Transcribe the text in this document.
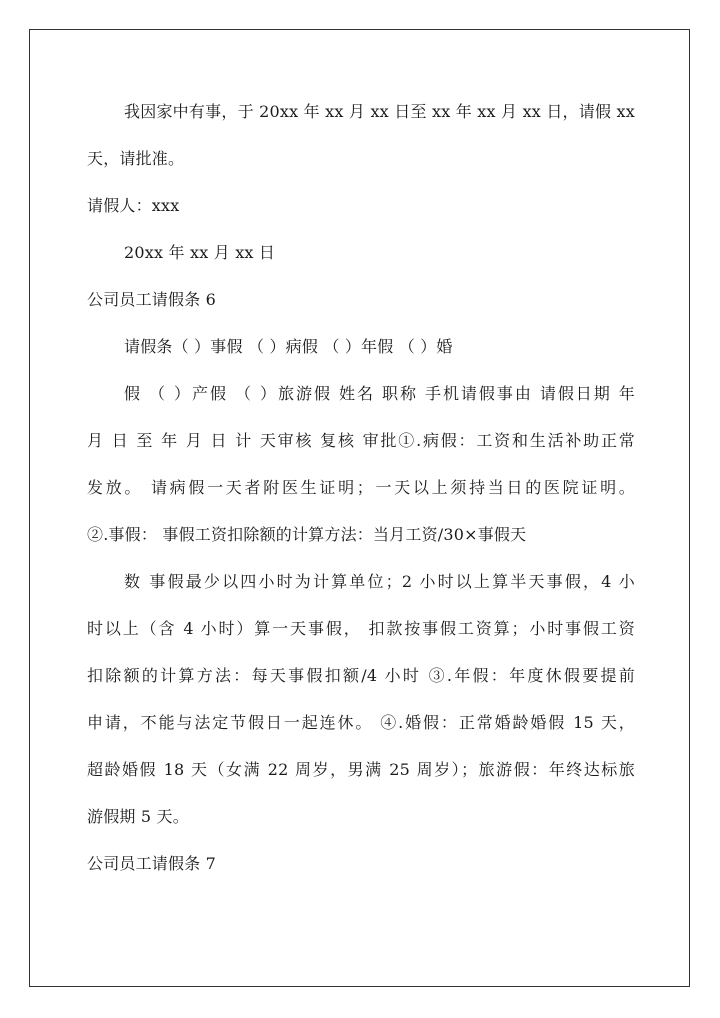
我因家中有事，于 20xx 年 xx 月 xx 日至 xx 年 xx 月 xx 日，请假 xx
天，请批准。
请假人：xxx
20xx 年 xx 月 xx 日
公司员工请假条 6
请假条（ ）事假 （ ）病假 （ ）年假 （ ）婚
假 （ ）产假 （ ）旅游假 姓名 职称 手机请假事由 请假日期 年
月 日 至 年 月 日 计 天审核 复核 审批①.病假：工资和生活补助正常
发放。 请病假一天者附医生证明；一天以上须持当日的医院证明。
②.事假： 事假工资扣除额的计算方法：当月工资/30×事假天
数 事假最少以四小时为计算单位；2 小时以上算半天事假，4 小
时以上（含 4 小时）算一天事假， 扣款按事假工资算；小时事假工资
扣除额的计算方法：每天事假扣额/4 小时 ③.年假：年度休假要提前
申请，不能与法定节假日一起连休。 ④.婚假：正常婚龄婚假 15 天，
超龄婚假 18 天（女满 22 周岁，男满 25 周岁）；旅游假：年终达标旅
游假期 5 天。
公司员工请假条 7
